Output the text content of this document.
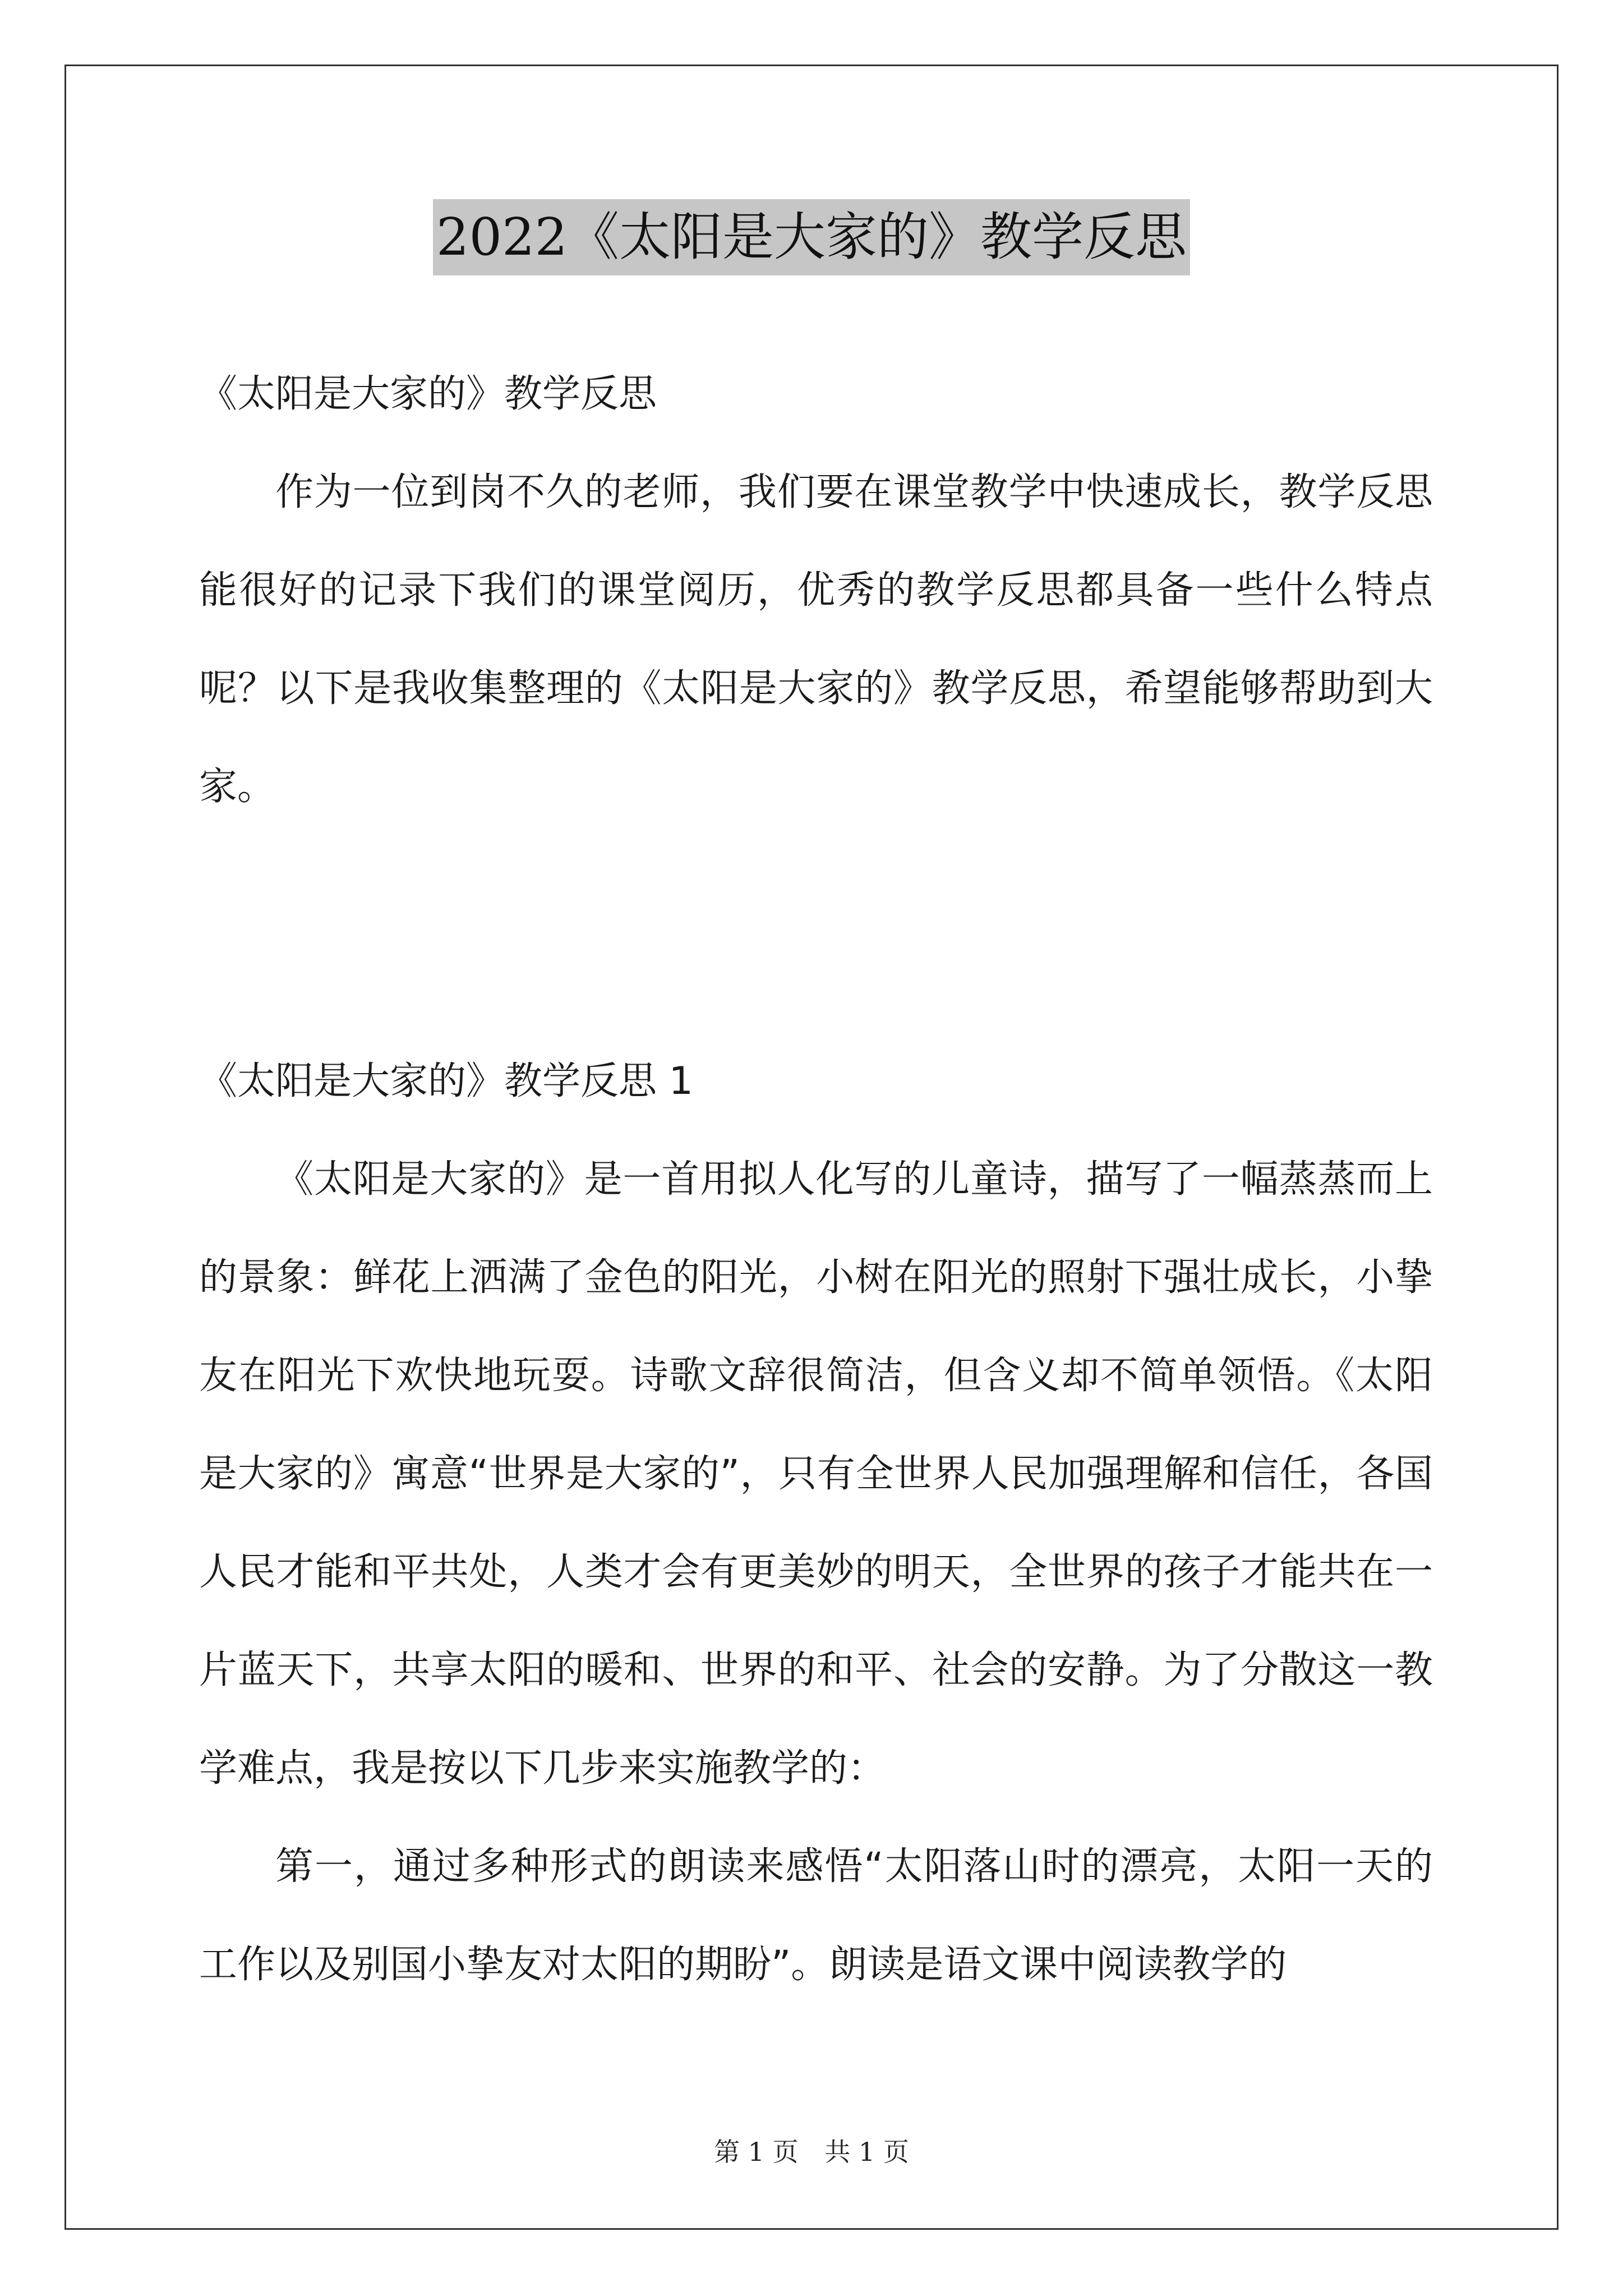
2022《太阳是大家的》教学反思

《太阳是大家的》教学反思

作为一位到岗不久的老师，我们要在课堂教学中快速成长，教学反思能很好的记录下我们的课堂阅历，优秀的教学反思都具备一些什么特点呢？以下是我收集整理的《太阳是大家的》教学反思，希望能够帮助到大家。

《太阳是大家的》教学反思 1

《太阳是大家的》是一首用拟人化写的儿童诗，描写了一幅蒸蒸而上的景象：鲜花上洒满了金色的阳光，小树在阳光的照射下强壮成长，小挚友在阳光下欢快地玩耍。诗歌文辞很简洁，但含义却不简单领悟。《太阳是大家的》寓意“世界是大家的”，只有全世界人民加强理解和信任，各国人民才能和平共处，人类才会有更美妙的明天，全世界的孩子才能共在一片蓝天下，共享太阳的暖和、世界的和平、社会的安静。为了分散这一教学难点，我是按以下几步来实施教学的：

第一，通过多种形式的朗读来感悟“太阳落山时的漂亮，太阳一天的工作以及别国小挚友对太阳的期盼”。朗读是语文课中阅读教学的

第 1 页 共 1 页
